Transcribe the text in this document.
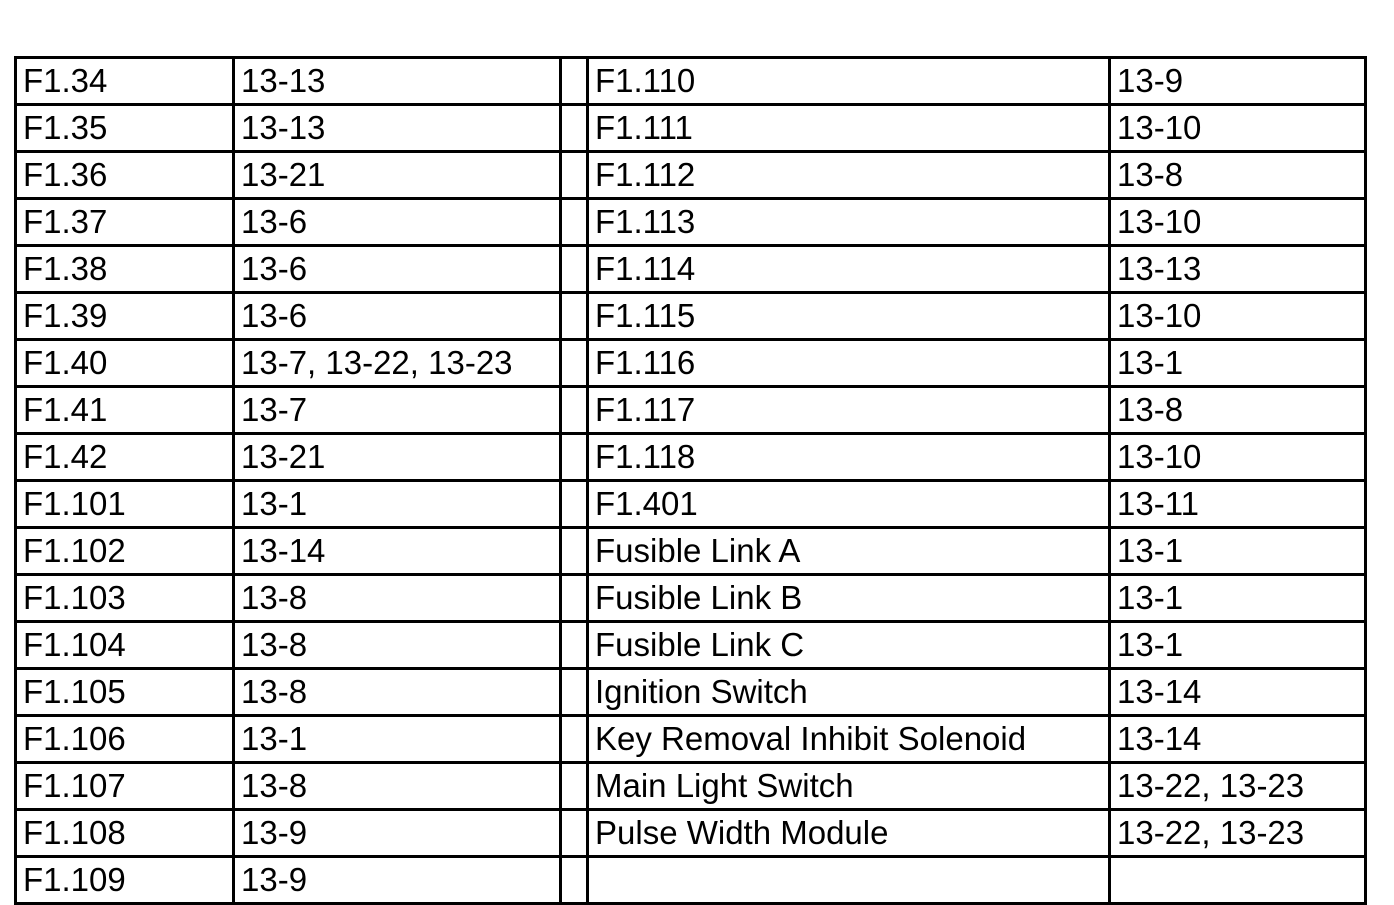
F1.34	13-13		F1.110	13-9
F1.35	13-13		F1.111	13-10
F1.36	13-21		F1.112	13-8
F1.37	13-6		F1.113	13-10
F1.38	13-6		F1.114	13-13
F1.39	13-6		F1.115	13-10
F1.40	13-7, 13-22, 13-23		F1.116	13-1
F1.41	13-7		F1.117	13-8
F1.42	13-21		F1.118	13-10
F1.101	13-1		F1.401	13-11
F1.102	13-14		Fusible Link A	13-1
F1.103	13-8		Fusible Link B	13-1
F1.104	13-8		Fusible Link C	13-1
F1.105	13-8		Ignition Switch	13-14
F1.106	13-1		Key Removal Inhibit Solenoid	13-14
F1.107	13-8		Main Light Switch	13-22, 13-23
F1.108	13-9		Pulse Width Module	13-22, 13-23
F1.109	13-9			
